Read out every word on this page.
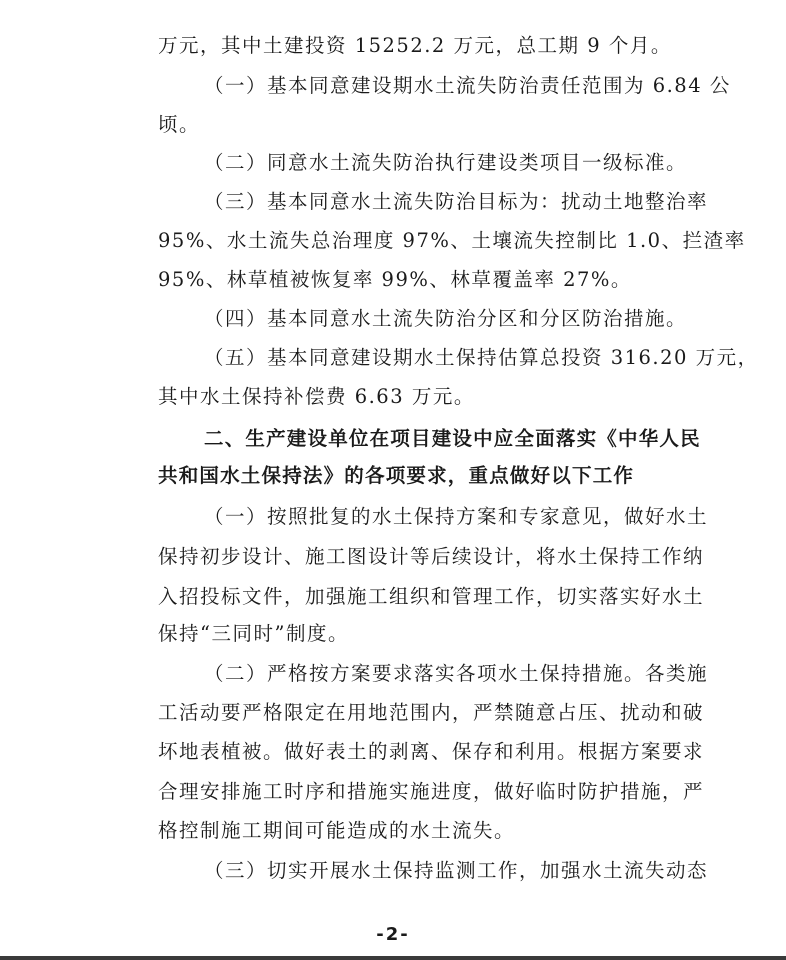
万元，其中土建投资 15252.2 万元，总工期 9 个月。
（一）基本同意建设期水土流失防治责任范围为 6.84 公
顷。
（二）同意水土流失防治执行建设类项目一级标准。
（三）基本同意水土流失防治目标为：扰动土地整治率
95%、水土流失总治理度 97%、土壤流失控制比 1.0、拦渣率
95%、林草植被恢复率 99%、林草覆盖率 27%。
（四）基本同意水土流失防治分区和分区防治措施。
（五）基本同意建设期水土保持估算总投资 316.20 万元，
其中水土保持补偿费 6.63 万元。
二、生产建设单位在项目建设中应全面落实《中华人民
共和国水土保持法》的各项要求，重点做好以下工作
（一）按照批复的水土保持方案和专家意见，做好水土
保持初步设计、施工图设计等后续设计，将水土保持工作纳
入招投标文件，加强施工组织和管理工作，切实落实好水土
保持“三同时”制度。
（二）严格按方案要求落实各项水土保持措施。各类施
工活动要严格限定在用地范围内，严禁随意占压、扰动和破
坏地表植被。做好表土的剥离、保存和利用。根据方案要求
合理安排施工时序和措施实施进度，做好临时防护措施，严
格控制施工期间可能造成的水土流失。
（三）切实开展水土保持监测工作，加强水土流失动态
-2-
